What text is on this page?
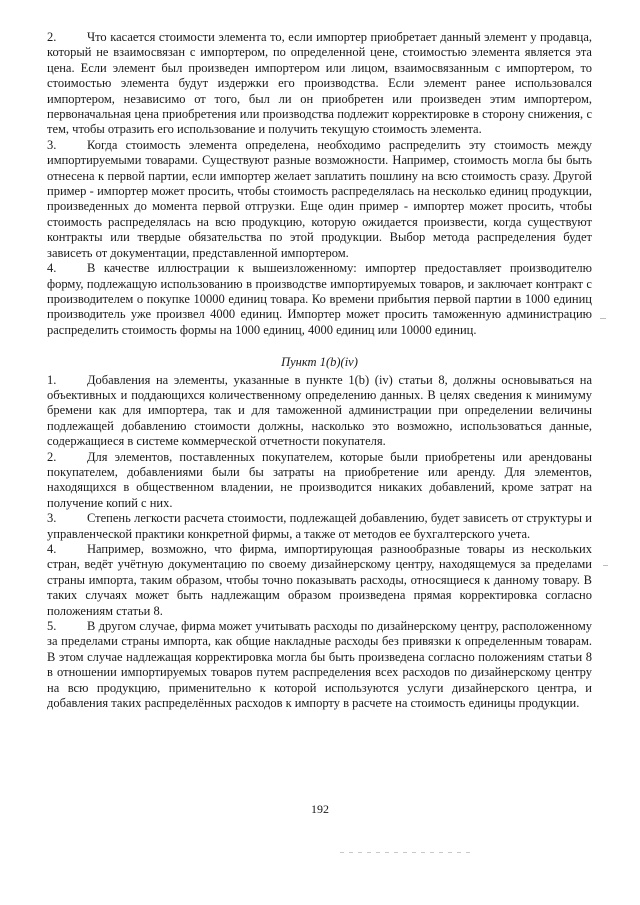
2. Что касается стоимости элемента то, если импортер приобретает данный элемент у продавца, который не взаимосвязан с импортером, по определенной цене, стоимостью элемента является эта цена. Если элемент был произведен импортером или лицом, взаимосвязанным с импортером, то стоимостью элемента будут издержки его производства. Если элемент ранее использовался импортером, независимо от того, был ли он приобретен или произведен этим импортером, первоначальная цена приобретения или производства подлежит корректировке в сторону снижения, с тем, чтобы отразить его использование и получить текущую стоимость элемента.

3. Когда стоимость элемента определена, необходимо распределить эту стоимость между импортируемыми товарами. Существуют разные возможности. Например, стоимость могла бы быть отнесена к первой партии, если импортер желает заплатить пошлину на всю стоимость сразу. Другой пример - импортер может просить, чтобы стоимость распределялась на несколько единиц продукции, произведенных до момента первой отгрузки. Еще один пример - импортер может просить, чтобы стоимость распределялась на всю продукцию, которую ожидается произвести, когда существуют контракты или твердые обязательства по этой продукции. Выбор метода распределения будет зависеть от документации, представленной импортером.

4. В качестве иллюстрации к вышеизложенному: импортер предоставляет производителю форму, подлежащую использованию в производстве импортируемых товаров, и заключает контракт с производителем о покупке 10000 единиц товара. Ко времени прибытия первой партии в 1000 единиц производитель уже произвел 4000 единиц. Импортер может просить таможенную администрацию распределить стоимость формы на 1000 единиц, 4000 единиц или 10000 единиц.

Пункт 1(b)(iv)

1. Добавления на элементы, указанные в пункте 1(b) (iv) статьи 8, должны основываться на объективных и поддающихся количественному определению данных. В целях сведения к минимуму бремени как для импортера, так и для таможенной администрации при определении величины подлежащей добавлению стоимости должны, насколько это возможно, использоваться данные, содержащиеся в системе коммерческой отчетности покупателя.

2. Для элементов, поставленных покупателем, которые были приобретены или арендованы покупателем, добавлениями были бы затраты на приобретение или аренду. Для элементов, находящихся в общественном владении, не производится никаких добавлений, кроме затрат на получение копий с них.

3. Степень легкости расчета стоимости, подлежащей добавлению, будет зависеть от структуры и управленческой практики конкретной фирмы, а также от методов ее бухгалтерского учета.

4. Например, возможно, что фирма, импортирующая разнообразные товары из нескольких стран, ведёт учётную документацию по своему дизайнерскому центру, находящемуся за пределами страны импорта, таким образом, чтобы точно показывать расходы, относящиеся к данному товару. В таких случаях может быть надлежащим образом произведена прямая корректировка согласно положениям статьи 8.

5. В другом случае, фирма может учитывать расходы по дизайнерскому центру, расположенному за пределами страны импорта, как общие накладные расходы без привязки к определенным товарам. В этом случае надлежащая корректировка могла бы быть произведена согласно положениям статьи 8 в отношении импортируемых товаров путем распределения всех расходов по дизайнерскому центру на всю продукцию, применительно к которой используются услуги дизайнерского центра, и добавления таких распределённых расходов к импорту в расчете на стоимость единицы продукции.

192
